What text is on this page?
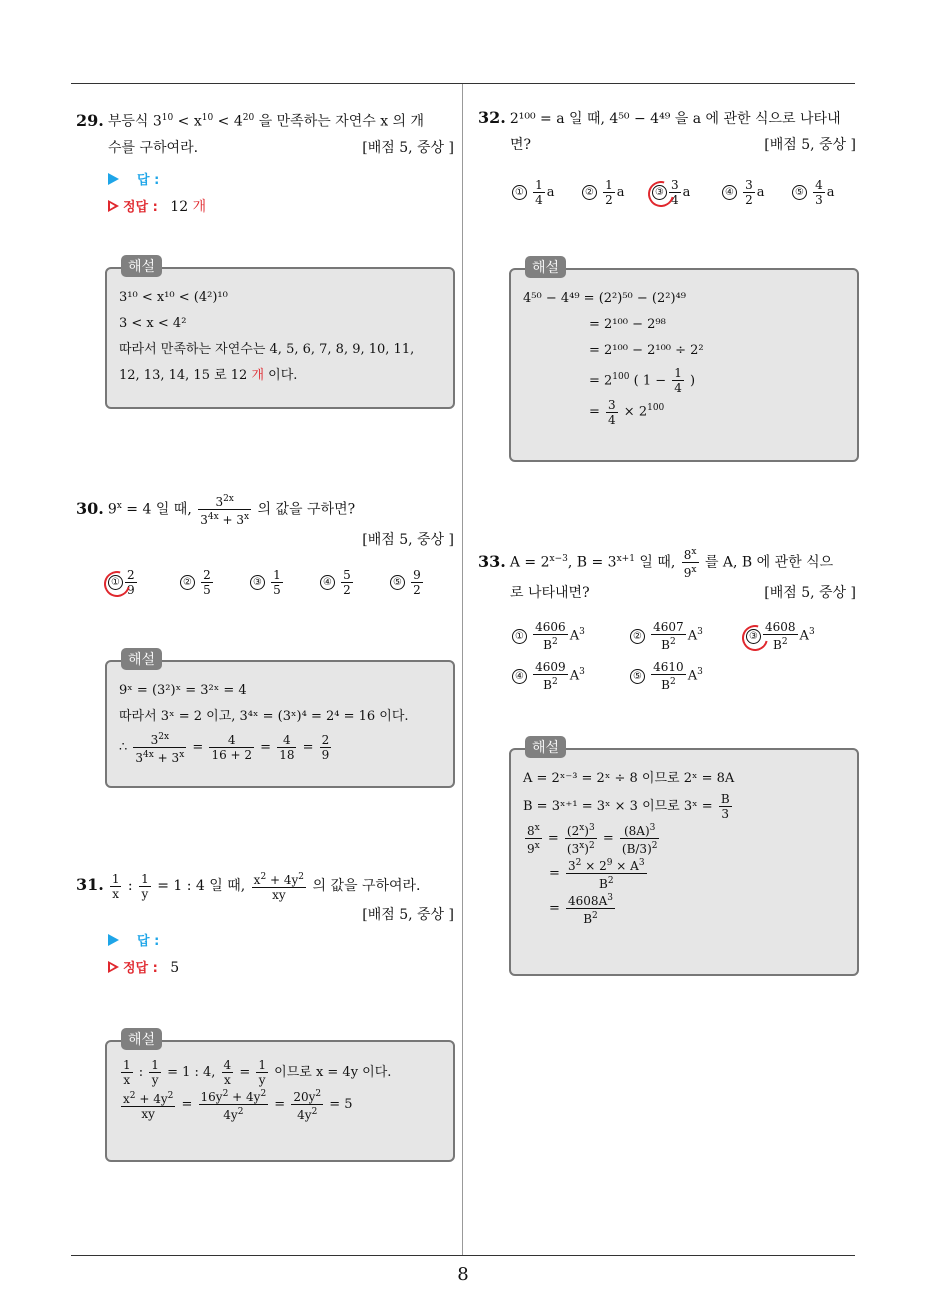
8
29. 부등식 $3^{10} < x^{10} < 4^{20}$ 을 만족하는 자연수 x 의 개
수를 구하여라.	[배점 5, 중상 ]
답 :
정답 : 12 개
해설
3¹⁰ < x¹⁰ < (4²)¹⁰
3 < x < 4²
따라서 만족하는 자연수는 4, 5, 6, 7, 8, 9, 10, 11,
12, 13, 14, 15 로 12 개 이다.
30. $9^x = 4$ 일 때, $\frac{3^{2x}}{3^{4x} + 3^x}$ 의 값을 구하면?
[배점 5, 중상 ]
① $\frac{2}{9}$	② $\frac{2}{5}$	③ $\frac{1}{5}$	④ $\frac{5}{2}$	⑤ $\frac{9}{2}$
해설
9ˣ = (3²)ˣ = 3²ˣ = 4
따라서 3ˣ = 2 이고, 3⁴ˣ = (3ˣ)⁴ = 2⁴ = 16 이다.
∴ $\frac{3^{2x}}{3^{4x} + 3^x} = \frac{4}{16 + 2} = \frac{4}{18} = \frac{2}{9}$
31. $\frac{1}{x}$ : $\frac{1}{y} = 1$ : 4 일 때, $\frac{x^2 + 4y^2}{xy}$ 의 값을 구하여라.
[배점 5, 중상 ]
답 :
정답 : 5
해설
$\frac{1}{x}$ : $\frac{1}{y} = 1$ : 4, $\frac{4}{x} = \frac{1}{y}$ 이므로 x = 4y 이다.
$\frac{x^2 + 4y^2}{xy} = \frac{16y^2 + 4y^2}{4y^2} = \frac{20y^2}{4y^2} = 5$
32. 2¹⁰⁰ = a 일 때, 4⁵⁰ − 4⁴⁹ 을 a 에 관한 식으로 나타내
면?	[배점 5, 중상 ]
① $\frac{1}{4}$ a	② $\frac{1}{2}$ a	③ $\frac{3}{4}$ a	④ $\frac{3}{2}$ a	⑤ $\frac{4}{3}$ a
해설
4⁵⁰ − 4⁴⁹ = (2²)⁵⁰ − (2²)⁴⁹
= 2¹⁰⁰ − 2⁹⁸
= 2¹⁰⁰ − 2¹⁰⁰ ÷ 2²
= $2^{100}$ ( $1 - \frac{1}{4}$ )
= $\frac{3}{4} \times 2^{100}$
33. $A = 2^{x-3}$, $B = 3^{x+1}$ 일 때, $\frac{8^x}{9^x}$ 를 A, B 에 관한 식으
로 나타내면?	[배점 5, 중상 ]
① $\frac{4606}{B^2} A^3$	② $\frac{4607}{B^2} A^3$	③ $\frac{4608}{B^2} A^3$
④ $\frac{4609}{B^2} A^3$	⑤ $\frac{4610}{B^2} A^3$
해설
A = 2ˣ⁻³ = 2ˣ ÷ 8 이므로 2ˣ = 8A
B = 3ˣ⁺¹ = 3ˣ × 3 이므로 3ˣ = $\frac{B}{3}$
$\frac{8^x}{9^x} = \frac{(2^x)^3}{(3^x)^2} = \frac{(8A)^3}{(B/3)^2}$
= $\frac{3^2 \times 2^9 \times A^3}{B^2}$
= $\frac{4608A^3}{B^2}$
